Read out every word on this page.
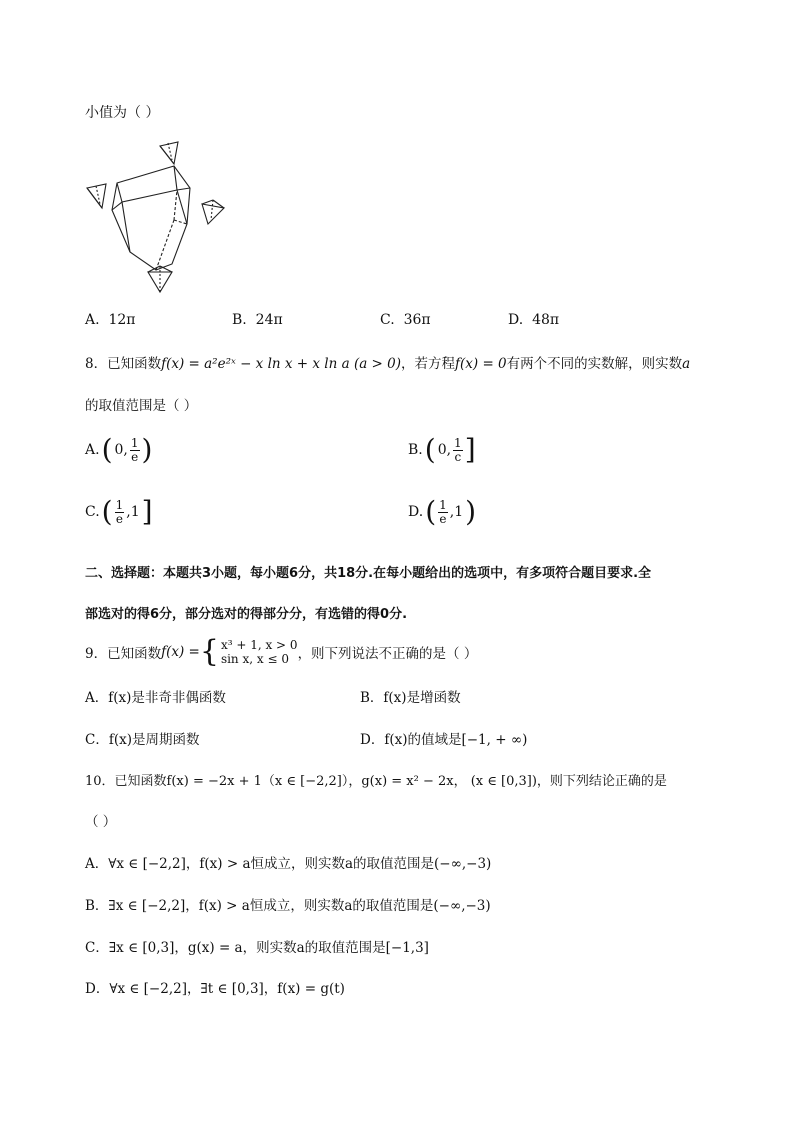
小值为（ ）
A. 12π	B. 24π	C. 36π	D. 48π
8．已知函数f(x) = a²e²ˣ − x ln x + x ln a (a > 0)，若方程f(x) = 0有两个不同的实数解，则实数a
的取值范围是（ ）
A. ( 0, $\frac{1}{e}$ )	B. ( 0, $\frac{1}{c}$ ]
C. ( $\frac{1}{e} ,1$ ]	D. ( $\frac{1}{e} ,1$ )
二、选择题：本题共3小题，每小题6分，共18分.在每小题给出的选项中，有多项符合题目要求.全
部选对的得6分，部分选对的得部分分，有选错的得0分.
9．已知函数 f(x) = { x³ + 1, x > 0
sin x, x ≤ 0 ，则下列说法不正确的是（ ）
A．f(x)是非奇非偶函数	B．f(x)是增函数
C．f(x)是周期函数	D．f(x)的值域是[−1, + ∞)
10．已知函数f(x) = −2x + 1（x ∈ [−2,2]），g(x) = x² − 2x， (x ∈ [0,3])，则下列结论正确的是
（ ）
A．∀x ∈ [−2,2]，f(x) > a恒成立，则实数a的取值范围是(−∞,−3)
B．∃x ∈ [−2,2]，f(x) > a恒成立，则实数a的取值范围是(−∞,−3)
C．∃x ∈ [0,3]，g(x) = a，则实数a的取值范围是[−1,3]
D．∀x ∈ [−2,2]，∃t ∈ [0,3]，f(x) = g(t)
